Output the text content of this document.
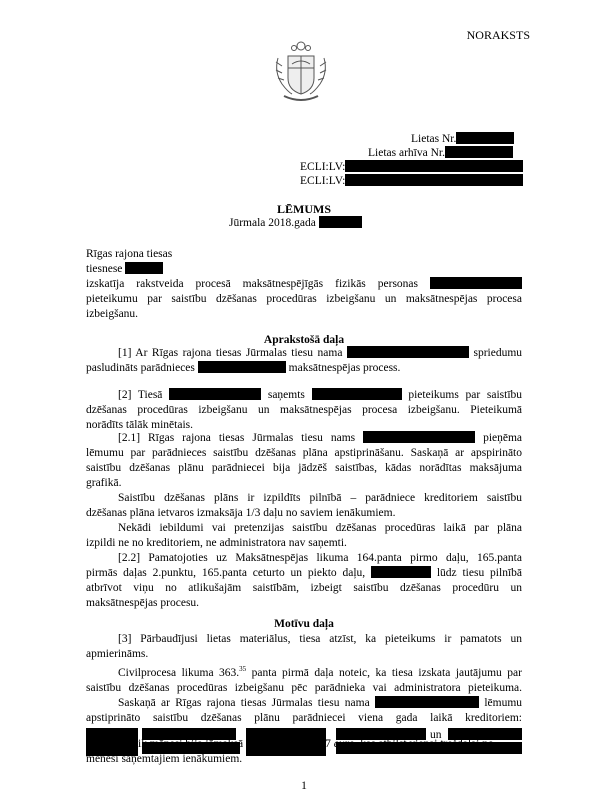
NORAKSTS
Lietas Nr.
Lietas arhīva Nr.
ECLI:LV:
ECLI:LV:
LĒMUMS
Jūrmala 2018.gada
Rīgas rajona tiesas
tiesnese
izskatīja rakstveida procesā maksātnespējīgās fizikās personas
pieteikumu par saistību dzēšanas procedūras izbeigšanu un maksātnespējas procesa
izbeigšanu.
Aprakstošā daļa
[1] Ar Rīgas rajona tiesas Jūrmalas tiesu nama	spriedumu
pasludināts parādnieces	maksātnespējas process.
[2] Tiesā	saņemts	pieteikums par saistību
dzēšanas procedūras izbeigšanu un maksātnespējas procesa izbeigšanu. Pieteikumā
norādīts tālāk minētais.
[2.1] Rīgas rajona tiesas Jūrmalas tiesu nams	pieņēma
lēmumu par parādnieces saistību dzēšanas plāna apstiprināšanu. Saskaņā ar apspirināto
saistību dzēšanas plānu parādniecei bija jādzēš saistības, kādas norādītas maksājuma
grafikā.
Saistību dzēšanas plāns ir izpildīts pilnībā – parādniece kreditoriem saistību
dzēšanas plāna ietvaros izmaksāja 1/3 daļu no saviem ienākumiem.
Nekādi iebildumi vai pretenzijas saistību dzēšanas procedūras laikā par plāna
izpildi ne no kreditoriem, ne administratora nav saņemti.
[2.2] Pamatojoties uz Maksātnespējas likuma 164.panta pirmo daļu, 165.panta
pirmās daļas 2.punktu, 165.panta ceturto un piekto daļu,	lūdz tiesu pilnībā
atbrīvot viņu no atlikušajām saistībām, izbeigt saistību dzēšanas procedūru un
maksātnespējas procesu.
Motīvu daļa
[3] Pārbaudījusi lietas materiālus, tiesa atzīst, ka pieteikums ir pamatots un
apmierināms.
Civilprocesa likuma 363.35 panta pirmā daļa noteic, ka tiesa izskata jautājumu par
saistību dzēšanas procedūras izbeigšanu pēc parādnieka vai administratora pieteikuma.
Saskaņā ar Rīgas rajona tiesas Jūrmalas tiesu nama	lēmumu
apstiprināto saistību dzēšanas plānu parādniecei viena gada laikā kreditoriem:
un
ik mēnesi bija jāmaksā kopsumma 216,67 euro, kas atbilst vienai trešdaļai no
mēnesī saņemtajiem ienākumiem.
1
